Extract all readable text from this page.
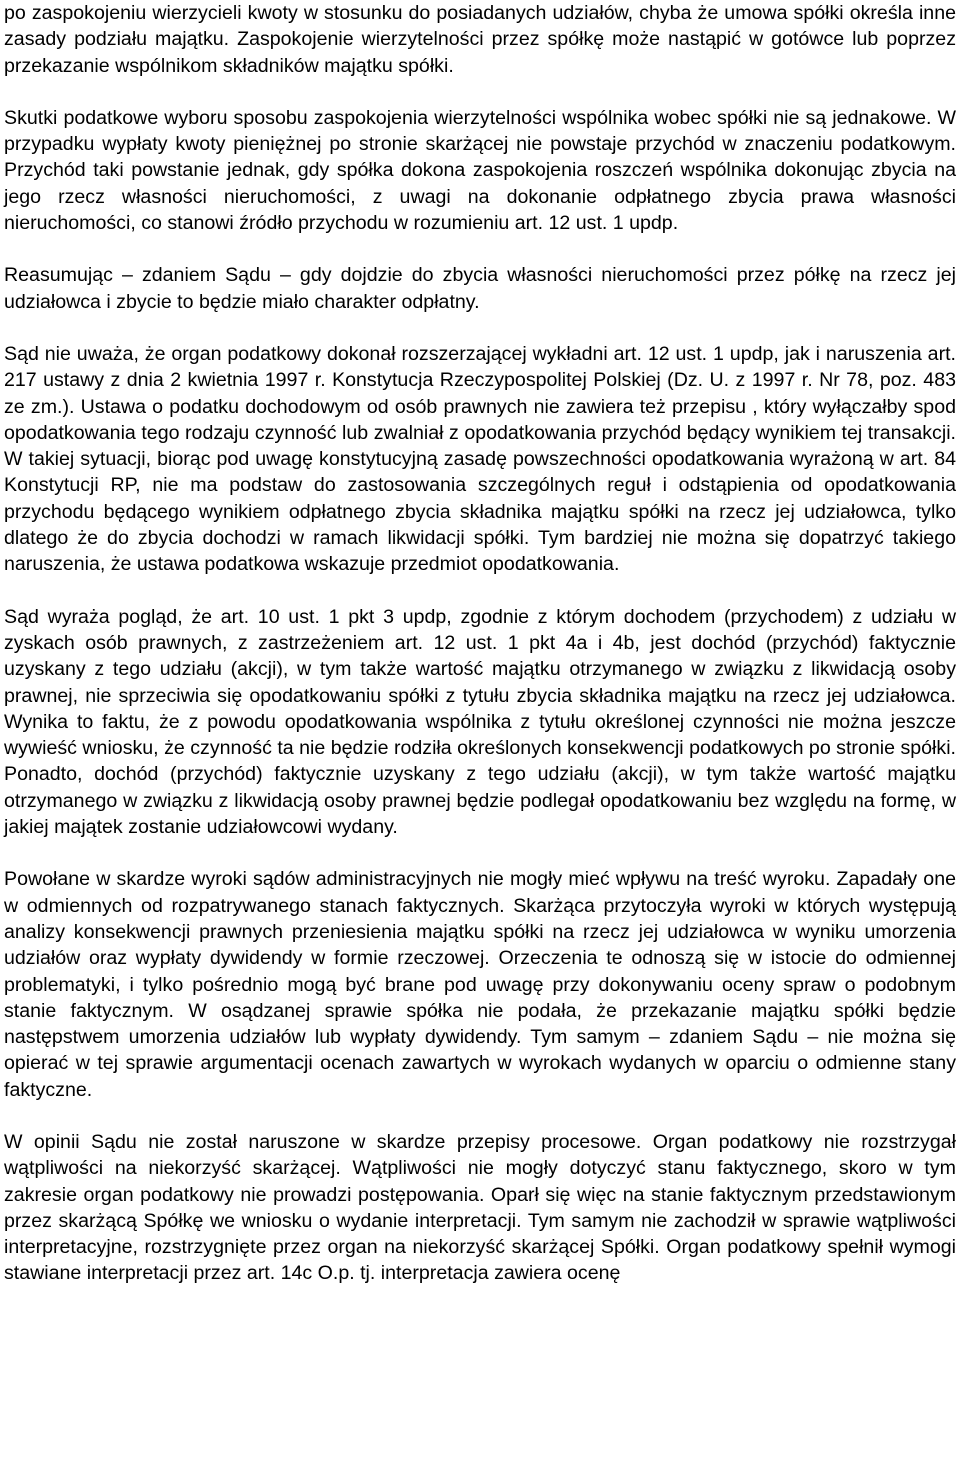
po zaspokojeniu wierzycieli kwoty w stosunku do posiadanych udziałów, chyba że umowa spółki określa inne zasady podziału majątku. Zaspokojenie wierzytelności przez spółkę może nastąpić w gotówce lub poprzez przekazanie wspólnikom składników majątku spółki.

Skutki podatkowe wyboru sposobu zaspokojenia wierzytelności wspólnika wobec spółki nie są jednakowe. W przypadku wypłaty kwoty pieniężnej po stronie skarżącej nie powstaje przychód w znaczeniu podatkowym. Przychód taki powstanie jednak, gdy spółka dokona zaspokojenia roszczeń wspólnika dokonując zbycia na jego rzecz własności nieruchomości, z uwagi na dokonanie odpłatnego zbycia prawa własności nieruchomości, co stanowi źródło przychodu w rozumieniu art. 12 ust. 1 updp.

Reasumując – zdaniem Sądu – gdy dojdzie do zbycia własności nieruchomości przez półkę na rzecz jej udziałowca i zbycie to będzie miało charakter odpłatny.

Sąd nie uważa, że organ podatkowy dokonał rozszerzającej wykładni art. 12 ust. 1 updp, jak i naruszenia art. 217 ustawy z dnia 2 kwietnia 1997 r. Konstytucja Rzeczypospolitej Polskiej (Dz. U. z 1997 r. Nr 78, poz. 483 ze zm.). Ustawa o podatku dochodowym od osób prawnych nie zawiera też przepisu , który wyłączałby spod opodatkowania tego rodzaju czynność lub zwalniał z opodatkowania przychód będący wynikiem tej transakcji. W takiej sytuacji, biorąc pod uwagę konstytucyjną zasadę powszechności opodatkowania wyrażoną w art. 84 Konstytucji RP, nie ma podstaw do zastosowania szczególnych reguł i odstąpienia od opodatkowania przychodu będącego wynikiem odpłatnego zbycia składnika majątku spółki na rzecz jej udziałowca, tylko dlatego że do zbycia dochodzi w ramach likwidacji spółki. Tym bardziej nie można się dopatrzyć takiego naruszenia, że ustawa podatkowa wskazuje przedmiot opodatkowania.

Sąd wyraża pogląd, że art. 10 ust. 1 pkt 3 updp, zgodnie z którym dochodem (przychodem) z udziału w zyskach osób prawnych, z zastrzeżeniem art. 12 ust. 1 pkt 4a i 4b, jest dochód (przychód) faktycznie uzyskany z tego udziału (akcji), w tym także wartość majątku otrzymanego w związku z likwidacją osoby prawnej, nie sprzeciwia się opodatkowaniu spółki z tytułu zbycia składnika majątku na rzecz jej udziałowca. Wynika to faktu, że z powodu opodatkowania wspólnika z tytułu określonej czynności nie można jeszcze wywieść wniosku, że czynność ta nie będzie rodziła określonych konsekwencji podatkowych po stronie spółki. Ponadto, dochód (przychód) faktycznie uzyskany z tego udziału (akcji), w tym także wartość majątku otrzymanego w związku z likwidacją osoby prawnej będzie podlegał opodatkowaniu bez względu na formę, w jakiej majątek zostanie udziałowcowi wydany.

Powołane w skardze wyroki sądów administracyjnych nie mogły mieć wpływu na treść wyroku. Zapadały one w odmiennych od rozpatrywanego stanach faktycznych. Skarżąca przytoczyła wyroki w których występują analizy konsekwencji prawnych przeniesienia majątku spółki na rzecz jej udziałowca w wyniku umorzenia udziałów oraz wypłaty dywidendy w formie rzeczowej. Orzeczenia te odnoszą się w istocie do odmiennej problematyki, i tylko pośrednio mogą być brane pod uwagę przy dokonywaniu oceny spraw o podobnym stanie faktycznym. W osądzanej sprawie spółka nie podała, że przekazanie majątku spółki będzie następstwem umorzenia udziałów lub wypłaty dywidendy. Tym samym – zdaniem Sądu – nie można się opierać w tej sprawie argumentacji ocenach zawartych w wyrokach wydanych w oparciu o odmienne stany faktyczne.

W opinii Sądu nie został naruszone w skardze przepisy procesowe. Organ podatkowy nie rozstrzygał wątpliwości na niekorzyść skarżącej. Wątpliwości nie mogły dotyczyć stanu faktycznego, skoro w tym zakresie organ podatkowy nie prowadzi postępowania. Oparł się więc na stanie faktycznym przedstawionym przez skarżącą Spółkę we wniosku o wydanie interpretacji. Tym samym nie zachodził w sprawie wątpliwości interpretacyjne, rozstrzygnięte przez organ na niekorzyść skarżącej Spółki. Organ podatkowy spełnił wymogi stawiane interpretacji przez art. 14c O.p. tj. interpretacja zawiera ocenę
